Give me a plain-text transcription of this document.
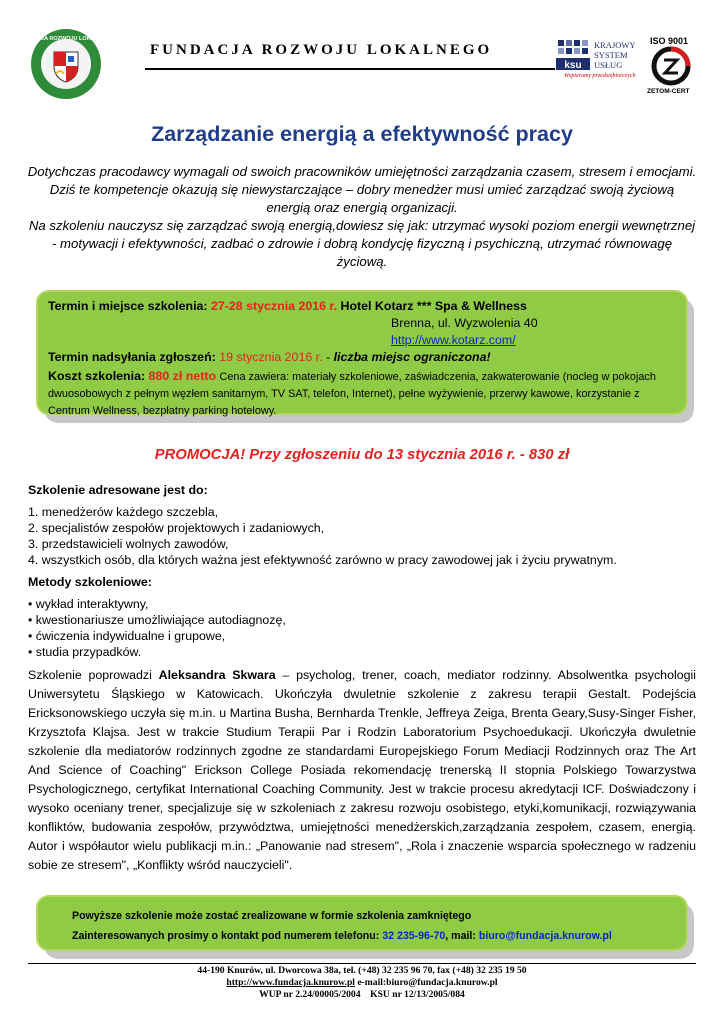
FUNDACJA ROZWOJU LOKALNEGO
FUNDACJA ROZWOJU LOKALNEGO
ksu
KRAJOWY
SYSTEM
USŁUG
Wspieramy przedsiębiorczych
ISO 9001
ZETOM-CERT
Zarządzanie energią a efektywność pracy

Dotychczas pracodawcy wymagali od swoich pracowników umiejętności zarządzania czasem, stresem i emocjami. Dziś te kompetencje okazują się niewystarczające – dobry menedżer musi umieć zarządzać swoją życiową energią oraz energią organizacji.

Na szkoleniu nauczysz się zarządzać swoją energią,dowiesz się jak: utrzymać wysoki poziom energii wewnętrznej - motywacji i efektywności, zadbać o zdrowie i dobrą kondycję fizyczną i psychiczną, utrzymać równowagę życiową.

Termin i miejsce szkolenia: 27-28 stycznia 2016 r. Hotel Kotarz *** Spa & Wellness
Brenna, ul. Wyzwolenia 40
http://www.kotarz.com/
Termin nadsyłania zgłoszeń: 19 stycznia 2016 r. - liczba miejsc ograniczona!
Koszt szkolenia: 880 zł netto Cena zawiera: materiały szkoleniowe, zaświadczenia, zakwaterowanie (nocleg w pokojach dwuosobowych z pełnym węzłem sanitarnym, TV SAT, telefon, Internet), pełne wyżywienie, przerwy kawowe, korzystanie z Centrum Wellness, bezpłatny parking hotelowy.
PROMOCJA! Przy zgłoszeniu do 13 stycznia 2016 r. - 830 zł
Szkolenie adresowane jest do:
1. menedżerów każdego szczebla,
2. specjalistów zespołów projektowych i zadaniowych,
3. przedstawicieli wolnych zawodów,
4. wszystkich osób, dla których ważna jest efektywność zarówno w pracy zawodowej jak i życiu prywatnym.
Metody szkoleniowe:
• wykład interaktywny,
• kwestionariusze umożliwiające autodiagnozę,
• ćwiczenia indywidualne i grupowe,
• studia przypadków.

Szkolenie poprowadzi Aleksandra Skwara – psycholog, trener, coach, mediator rodzinny. Absolwentka psychologii Uniwersytetu Śląskiego w Katowicach. Ukończyła dwuletnie szkolenie z zakresu terapii Gestalt. Podejścia Ericksonowskiego uczyła się m.in. u Martina Busha, Bernharda Trenkle, Jeffreya Zeiga, Brenta Geary,Susy-Singer Fisher, Krzysztofa Klajsa. Jest w trakcie Studium Terapii Par i Rodzin Laboratorium Psychoedukacji. Ukończyła dwuletnie szkolenie dla mediatorów rodzinnych zgodne ze standardami Europejskiego Forum Mediacji Rodzinnych oraz The Art And Science of Coaching" Erickson College Posiada rekomendację trenerską II stopnia Polskiego Towarzystwa Psychologicznego, certyfikat International Coaching Community. Jest w trakcie procesu akredytacji ICF. Doświadczony i wysoko oceniany trener, specjalizuje się w szkoleniach z zakresu rozwoju osobistego, etyki,komunikacji, rozwiązywania konfliktów, budowania zespołów, przywództwa, umiejętności menedżerskich,zarządzania zespołem, czasem, energią. Autor i współautor wielu publikacji m.in.: „Panowanie nad stresem", „Rola i znaczenie wsparcia społecznego w radzeniu sobie ze stresem", „Konflikty wśród nauczycieli".

Powyższe szkolenie może zostać zrealizowane w formie szkolenia zamkniętego
Zainteresowanych prosimy o kontakt pod numerem telefonu: 32 235-96-70, mail: biuro@fundacja.knurow.pl
44-190 Knurów, ul. Dworcowa 38a, tel. (+48) 32 235 96 70, fax (+48) 32 235 19 50
http://www.fundacja.knurow.pl e-mail:biuro@fundacja.knurow.pl
WUP nr 2.24/00005/2004    KSU nr 12/13/2005/084
